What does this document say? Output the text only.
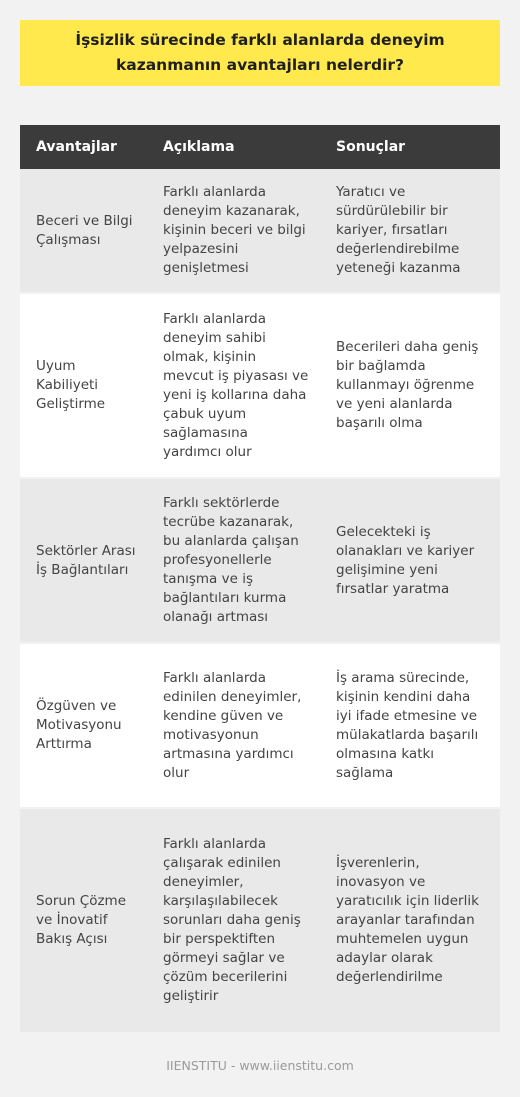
İşsizlik sürecinde farklı alanlarda deneyim kazanmanın avantajları nelerdir?
Avantajlar	Açıklama	Sonuçlar
Beceri ve Bilgi Çalışması	Farklı alanlarda deneyim kazanarak, kişinin beceri ve bilgi yelpazesini genişletmesi	Yaratıcı ve sürdürülebilir bir kariyer, fırsatları değerlendirebilme yeteneği kazanma
Uyum Kabiliyeti Geliştirme	Farklı alanlarda deneyim sahibi olmak, kişinin mevcut iş piyasası ve yeni iş kollarına daha çabuk uyum sağlamasına yardımcı olur	Becerileri daha geniş bir bağlamda kullanmayı öğrenme ve yeni alanlarda başarılı olma
Sektörler Arası İş Bağlantıları	Farklı sektörlerde tecrübe kazanarak, bu alanlarda çalışan profesyonellerle tanışma ve iş bağlantıları kurma olanağı artması	Gelecekteki iş olanakları ve kariyer gelişimine yeni fırsatlar yaratma
Özgüven ve Motivasyonu Arttırma	Farklı alanlarda edinilen deneyimler, kendine güven ve motivasyonun artmasına yardımcı olur	İş arama sürecinde, kişinin kendini daha iyi ifade etmesine ve mülakatlarda başarılı olmasına katkı sağlama
Sorun Çözme ve İnovatif Bakış Açısı	Farklı alanlarda çalışarak edinilen deneyimler, karşılaşılabilecek sorunları daha geniş bir perspektiften görmeyi sağlar ve çözüm becerilerini geliştirir	İşverenlerin, inovasyon ve yaratıcılık için liderlik arayanlar tarafından muhtemelen uygun adaylar olarak değerlendirilme
IIENSTITU - www.iienstitu.com
